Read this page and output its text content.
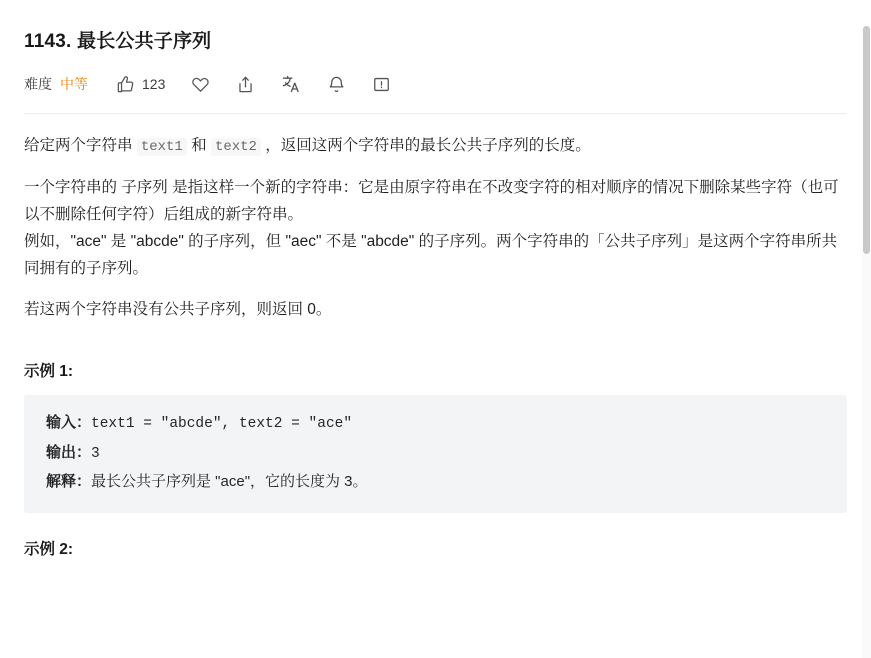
1143. 最长公共子序列
难度 中等	123

给定两个字符串 text1 和 text2 ，返回这两个字符串的最长公共子序列的长度。

一个字符串的 子序列 是指这样一个新的字符串：它是由原字符串在不改变字符的相对顺序的情况下删除某些字符（也可以不删除任何字符）后组成的新字符串。

例如，"ace" 是 "abcde" 的子序列，但 "aec" 不是 "abcde" 的子序列。两个字符串的「公共子序列」是这两个字符串所共同拥有的子序列。

若这两个字符串没有公共子序列，则返回 0。

示例 1:
输入：text1 = "abcde", text2 = "ace"
输出：3
解释：最长公共子序列是 "ace"，它的长度为 3。
示例 2:
